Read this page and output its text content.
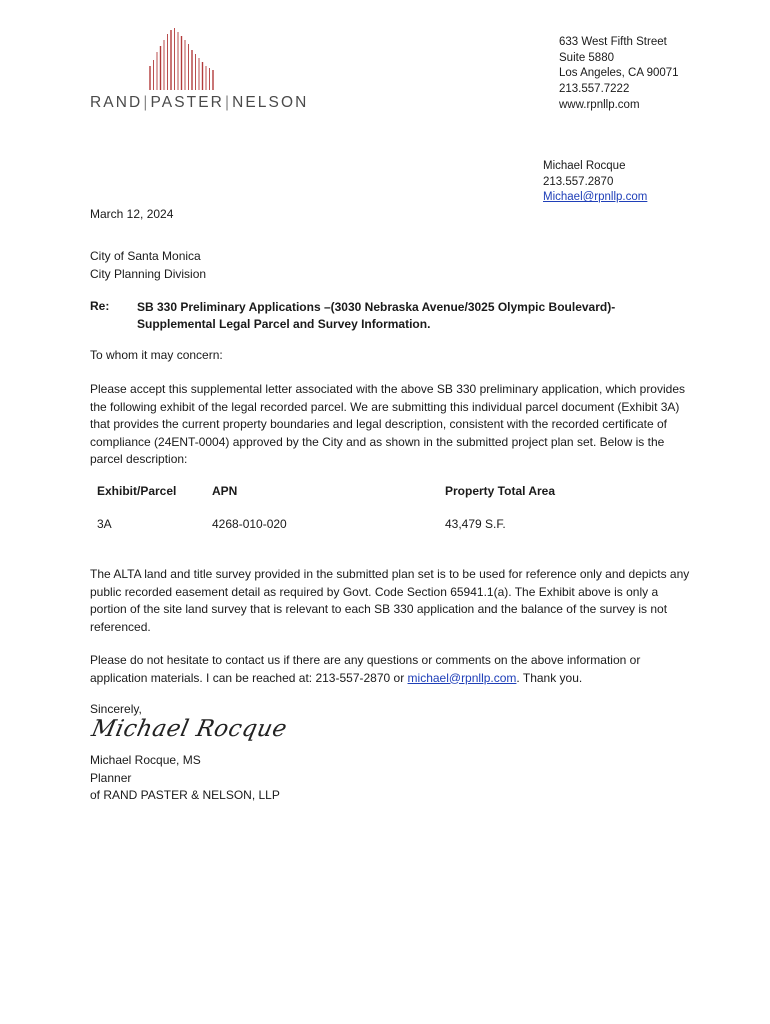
RAND|PASTER|NELSON
633 West Fifth Street
Suite 5880
Los Angeles, CA 90071
213.557.7222
www.rpnllp.com
Michael Rocque
213.557.2870
Michael@rpnllp.com
March 12, 2024
City of Santa Monica
City Planning Division
Re: SB 330 Preliminary Applications –(3030 Nebraska Avenue/3025 Olympic Boulevard)-
Supplemental Legal Parcel and Survey Information.
To whom it may concern:
Please accept this supplemental letter associated with the above SB 330 preliminary application, which provides the following exhibit of the legal recorded parcel. We are submitting this individual parcel document (Exhibit 3A) that provides the current property boundaries and legal description, consistent with the recorded certificate of compliance (24ENT-0004) approved by the City and as shown in the submitted project plan set. Below is the parcel description:
Exhibit/Parcel	APN	Property Total Area
3A	4268-010-020	43,479 S.F.
The ALTA land and title survey provided in the submitted plan set is to be used for reference only and depicts any public recorded easement detail as required by Govt. Code Section 65941.1(a). The Exhibit above is only a portion of the site land survey that is relevant to each SB 330 application and the balance of the survey is not referenced.
Please do not hesitate to contact us if there are any questions or comments on the above information or application materials. I can be reached at: 213-557-2870 or michael@rpnllp.com. Thank you.
Sincerely,
Michael Rocque
Michael Rocque, MS
Planner
of RAND PASTER & NELSON, LLP
